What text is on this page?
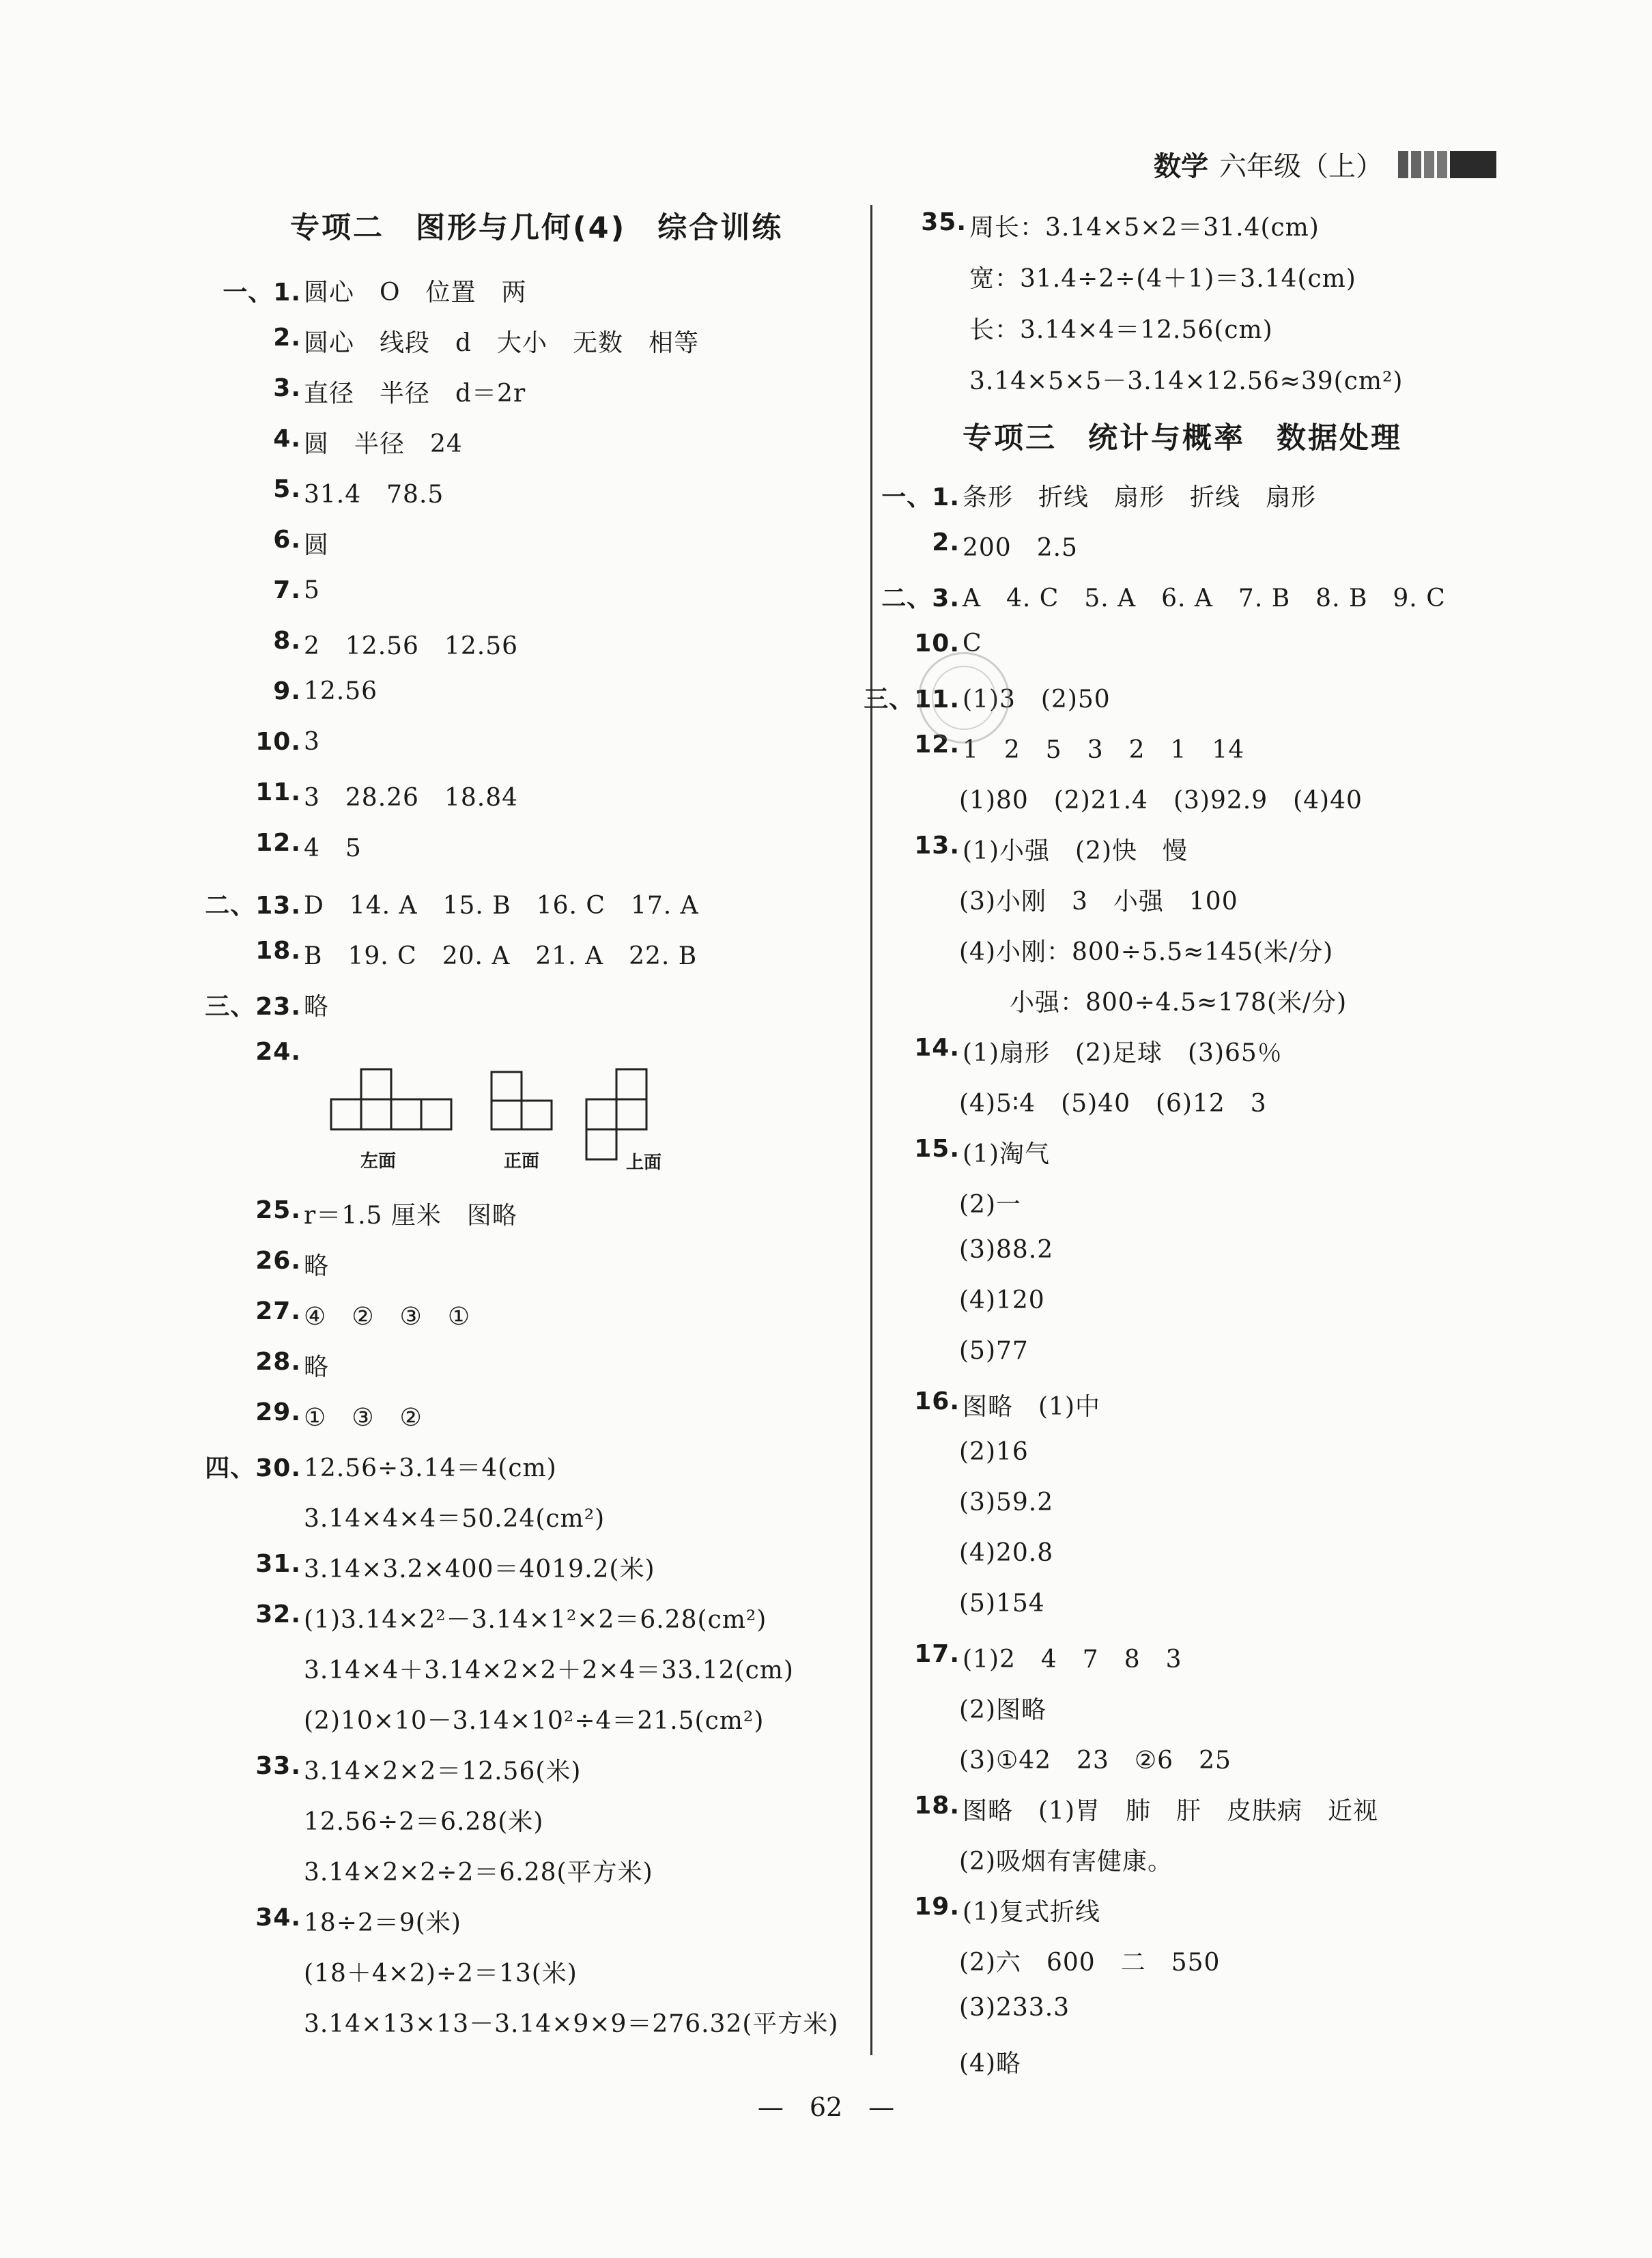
数学 六年级（上）
专项二　图形与几何(4)　综合训练
一、1. 圆心　O　位置　两
2. 圆心　线段　d　大小　无数　相等
3. 直径　半径　d＝2r
4. 圆　半径　24
5. 31.4　78.5
6. 圆
7. 5
8. 2　12.56　12.56
9. 12.56
10. 3
11. 3　28.26　18.84
12. 4　5
二、13. D　14. A　15. B　16. C　17. A
18. B　19. C　20. A　21. A　22. B
三、23. 略
24.
25. r＝1.5 厘米　图略
26. 略
27. ④　②　③　①
28. 略
29. ①　③　②
四、30. 12.56÷3.14＝4(cm)
3.14×4×4＝50.24(cm²)
31. 3.14×3.2×400＝4019.2(米)
32. (1)3.14×2²－3.14×1²×2＝6.28(cm²)
3.14×4＋3.14×2×2＋2×4＝33.12(cm)
(2)10×10－3.14×10²÷4＝21.5(cm²)
33. 3.14×2×2＝12.56(米)
12.56÷2＝6.28(米)
3.14×2×2÷2＝6.28(平方米)
34. 18÷2＝9(米)
(18＋4×2)÷2＝13(米)
3.14×13×13－3.14×9×9＝276.32(平方米)
左面	正面	上面
35. 周长：3.14×5×2＝31.4(cm)
宽：31.4÷2÷(4＋1)＝3.14(cm)
长：3.14×4＝12.56(cm)
3.14×5×5－3.14×12.56≈39(cm²)
专项三　统计与概率　数据处理
一、1. 条形　折线　扇形　折线　扇形
2. 200　2.5
二、3. A　4. C　5. A　6. A　7. B　8. B　9. C
10. C
三、11. (1)3　(2)50
12. 1　2　5　3　2　1　14
(1)80　(2)21.4　(3)92.9　(4)40
13. (1)小强　(2)快　慢
(3)小刚　3　小强　100
(4)小刚：800÷5.5≈145(米/分)
　　小强：800÷4.5≈178(米/分)
14. (1)扇形　(2)足球　(3)65％
(4)5∶4　(5)40　(6)12　3
15. (1)淘气
(2)一
(3)88.2
(4)120
(5)77
16. 图略　(1)中
(2)16
(3)59.2
(4)20.8
(5)154
17. (1)2　4　7　8　3
(2)图略
(3)①42　23　②6　25
18. 图略　(1)胃　肺　肝　皮肤病　近视
(2)吸烟有害健康。
19. (1)复式折线
(2)六　600　二　550
(3)233.3
(4)略
—　62　—
